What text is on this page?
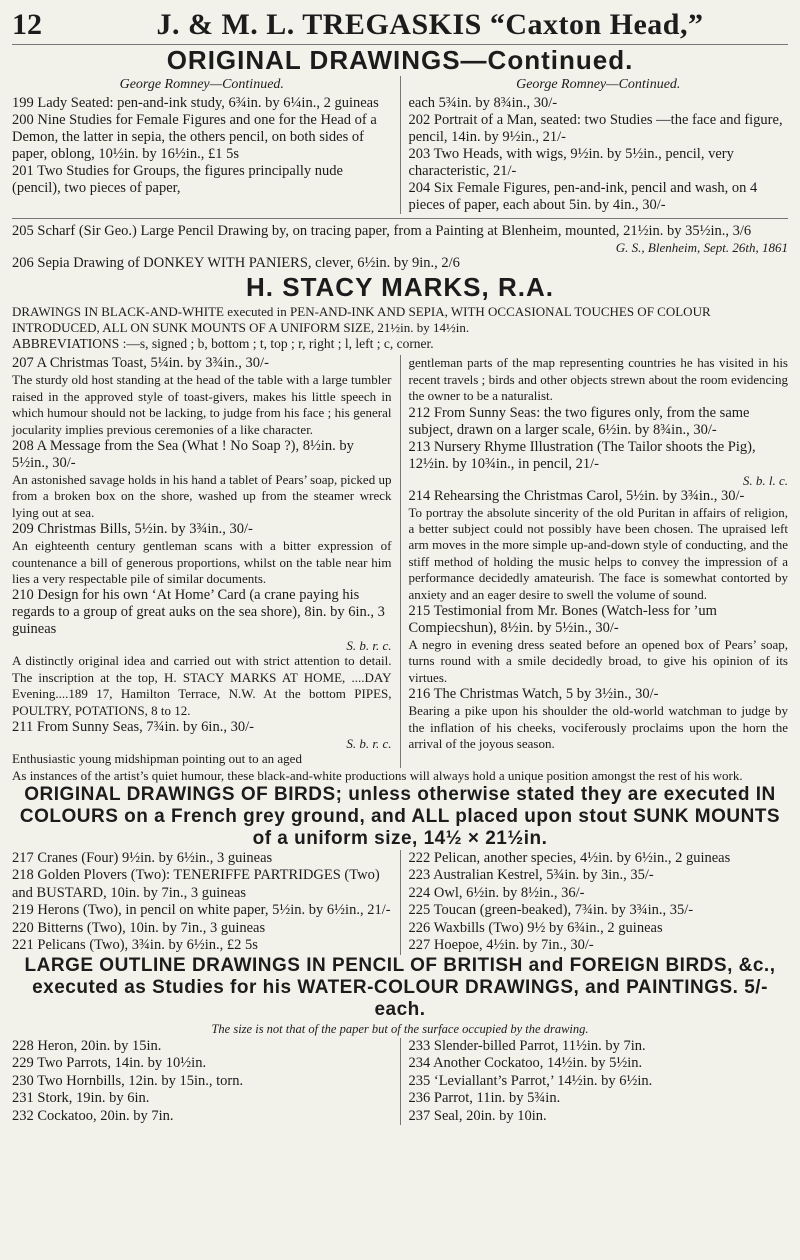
12	J. & M. L. TREGASKIS “Caxton Head,”
ORIGINAL DRAWINGS—Continued.

George Romney—Continued.

199 Lady Seated: pen-and-ink study, 6¾in. by 6¼in., 2 guineas

200 Nine Studies for Female Figures and one for the Head of a Demon, the latter in sepia, the others pencil, on both sides of paper, oblong, 10½in. by 16½in., £1 5s

201 Two Studies for Groups, the figures principally nude (pencil), two pieces of paper,

George Romney—Continued.

each 5¾in. by 8¾in., 30/-

202 Portrait of a Man, seated: two Studies —the face and figure, pencil, 14in. by 9½in., 21/-

203 Two Heads, with wigs, 9½in. by 5½in., pencil, very characteristic, 21/-

204 Six Female Figures, pen-and-ink, pencil and wash, on 4 pieces of paper, each about 5in. by 4in., 30/-

205 Scharf (Sir Geo.) Large Pencil Drawing by, on tracing paper, from a Painting at Blenheim, mounted, 21½in. by 35½in., 3/6

G. S., Blenheim, Sept. 26th, 1861

206 Sepia Drawing of DONKEY WITH PANIERS, clever, 6½in. by 9in., 2/6

H. STACY MARKS, R.A.

DRAWINGS IN BLACK-AND-WHITE executed in PEN-AND-INK AND SEPIA, WITH OCCASIONAL TOUCHES OF COLOUR INTRODUCED, ALL ON SUNK MOUNTS OF A UNIFORM SIZE, 21½in. by 14½in.

ABBREVIATIONS :—s, signed ; b, bottom ; t, top ; r, right ; l, left ; c, corner.

207 A Christmas Toast, 5¼in. by 3¾in., 30/-

The sturdy old host standing at the head of the table with a large tumbler raised in the approved style of toast-givers, makes his little speech in which humour should not be lacking, to judge from his face ; his general jocularity implies previous ceremonies of a like character.

208 A Message from the Sea (What ! No Soap ?), 8½in. by 5½in., 30/-

An astonished savage holds in his hand a tablet of Pears’ soap, picked up from a broken box on the shore, washed up from the steamer wreck lying out at sea.

209 Christmas Bills, 5½in. by 3¾in., 30/-

An eighteenth century gentleman scans with a bitter expression of countenance a bill of generous proportions, whilst on the table near him lies a very respectable pile of similar documents.

210 Design for his own ‘At Home’ Card (a crane paying his regards to a group of great auks on the sea shore), 8in. by 6in., 3 guineas

S. b. r. c.

A distinctly original idea and carried out with strict attention to detail. The inscription at the top, H. STACY MARKS AT HOME, ....DAY Evening....189 17, Hamilton Terrace, N.W. At the bottom PIPES, POULTRY, POTATIONS, 8 to 12.

211 From Sunny Seas, 7¾in. by 6in., 30/-

S. b. r. c.

Enthusiastic young midshipman pointing out to an aged

gentleman parts of the map representing countries he has visited in his recent travels ; birds and other objects strewn about the room evidencing the owner to be a naturalist.

212 From Sunny Seas: the two figures only, from the same subject, drawn on a larger scale, 6½in. by 8¾in., 30/-

213 Nursery Rhyme Illustration (The Tailor shoots the Pig), 12½in. by 10¾in., in pencil, 21/-

S. b. l. c.

214 Rehearsing the Christmas Carol, 5½in. by 3¾in., 30/-

To portray the absolute sincerity of the old Puritan in affairs of religion, a better subject could not possibly have been chosen. The upraised left arm moves in the more simple up-and-down style of conducting, and the stiff method of holding the music helps to convey the impression of a performance decidedly amateurish. The face is somewhat contorted by anxiety and an eager desire to swell the volume of sound.

215 Testimonial from Mr. Bones (Watch-less for ’um Compiecshun), 8½in. by 5½in., 30/-

A negro in evening dress seated before an opened box of Pears’ soap, turns round with a smile decidedly broad, to give his opinion of its virtues.

216 The Christmas Watch, 5 by 3½in., 30/-

Bearing a pike upon his shoulder the old-world watchman to judge by the inflation of his cheeks, vociferously proclaims upon the horn the arrival of the joyous season.

As instances of the artist’s quiet humour, these black-and-white productions will always hold a unique position amongst the rest of his work.

ORIGINAL DRAWINGS OF BIRDS; unless otherwise stated they are executed IN COLOURS on a French grey ground, and ALL placed upon stout SUNK MOUNTS of a uniform size, 14½ × 21½in.

217 Cranes (Four) 9½in. by 6½in., 3 guineas

218 Golden Plovers (Two): TENERIFFE PARTRIDGES (Two) and BUSTARD, 10in. by 7in., 3 guineas

219 Herons (Two), in pencil on white paper, 5½in. by 6½in., 21/-

220 Bitterns (Two), 10in. by 7in., 3 guineas

221 Pelicans (Two), 3¾in. by 6½in., £2 5s

222 Pelican, another species, 4½in. by 6½in., 2 guineas

223 Australian Kestrel, 5¾in. by 3in., 35/-

224 Owl, 6½in. by 8½in., 36/-

225 Toucan (green-beaked), 7¾in. by 3¾in., 35/-

226 Waxbills (Two) 9½ by 6¾in., 2 guineas

227 Hoepoe, 4½in. by 7in., 30/-

LARGE OUTLINE DRAWINGS IN PENCIL OF BRITISH and FOREIGN BIRDS, &c., executed as Studies for his WATER-COLOUR DRAWINGS, and PAINTINGS. 5/- each.

The size is not that of the paper but of the surface occupied by the drawing.

228 Heron, 20in. by 15in.

229 Two Parrots, 14in. by 10½in.

230 Two Hornbills, 12in. by 15in., torn.

231 Stork, 19in. by 6in.

232 Cockatoo, 20in. by 7in.

233 Slender-billed Parrot, 11½in. by 7in.

234 Another Cockatoo, 14½in. by 5½in.

235 ‘Leviallant’s Parrot,’ 14½in. by 6½in.

236 Parrot, 11in. by 5¾in.

237 Seal, 20in. by 10in.
